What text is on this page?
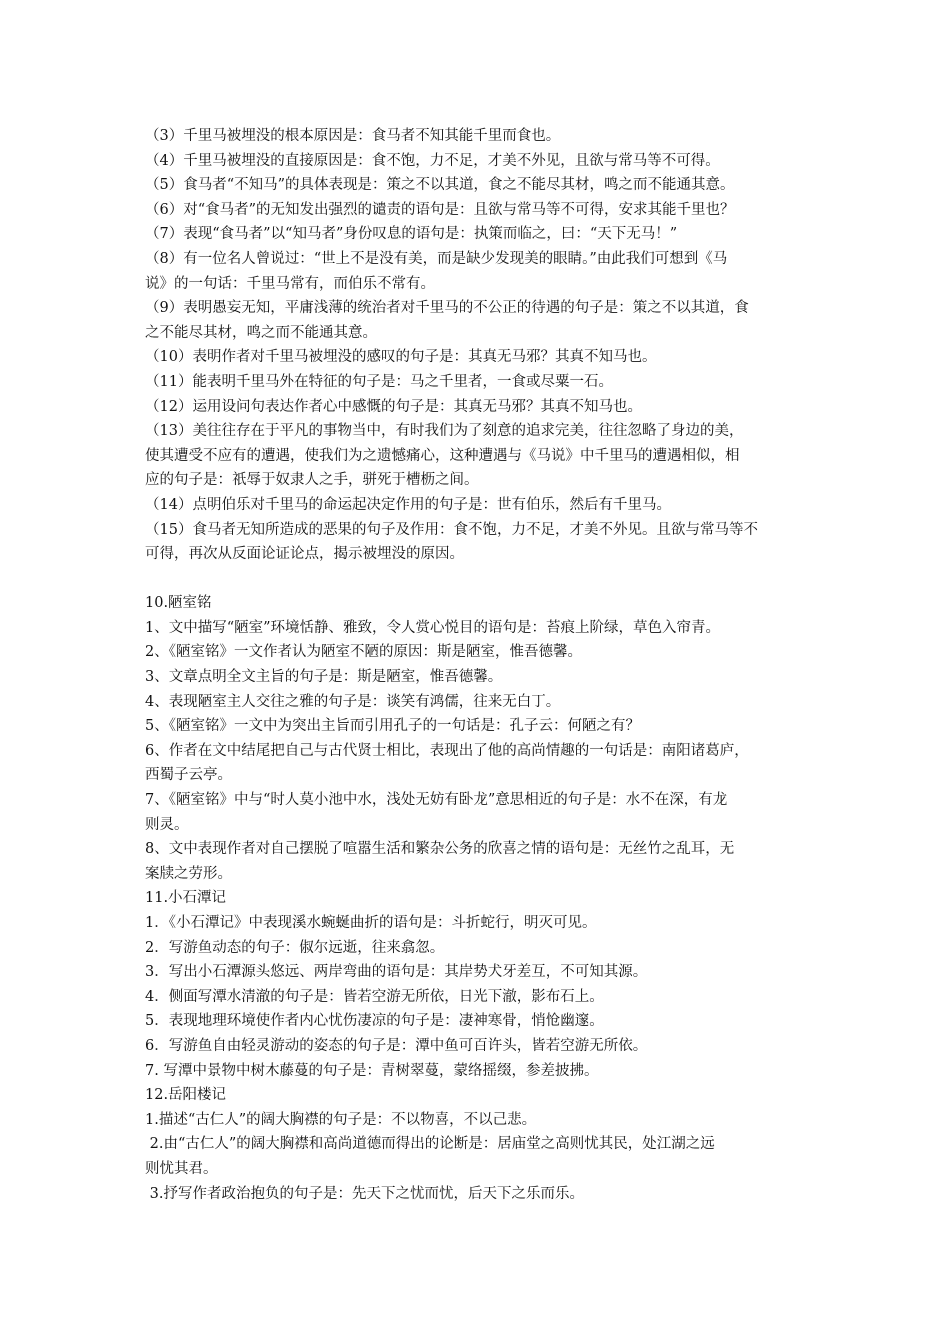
（3）千里马被埋没的根本原因是：食马者不知其能千里而食也。
（4）千里马被埋没的直接原因是：食不饱，力不足，才美不外见，且欲与常马等不可得。
（5）食马者“不知马”的具体表现是：策之不以其道，食之不能尽其材，鸣之而不能通其意。
（6）对“食马者”的无知发出强烈的谴责的语句是：且欲与常马等不可得，安求其能千里也？
（7）表现“食马者”以“知马者”身份叹息的语句是：执策而临之，曰：“天下无马！”
（8）有一位名人曾说过：“世上不是没有美，而是缺少发现美的眼睛。”由此我们可想到《马
说》的一句话：千里马常有，而伯乐不常有。
（9）表明愚妄无知，平庸浅薄的统治者对千里马的不公正的待遇的句子是：策之不以其道，食
之不能尽其材，鸣之而不能通其意。
（10）表明作者对千里马被埋没的感叹的句子是：其真无马邪？其真不知马也。
（11）能表明千里马外在特征的句子是：马之千里者，一食或尽粟一石。
（12）运用设问句表达作者心中感慨的句子是：其真无马邪？其真不知马也。
（13）美往往存在于平凡的事物当中，有时我们为了刻意的追求完美，往往忽略了身边的美，
使其遭受不应有的遭遇，使我们为之遗憾痛心，这种遭遇与《马说》中千里马的遭遇相似，相
应的句子是：祇辱于奴隶人之手，骈死于槽枥之间。
（14）点明伯乐对千里马的命运起决定作用的句子是：世有伯乐，然后有千里马。
（15）食马者无知所造成的恶果的句子及作用：食不饱，力不足，才美不外见。且欲与常马等不
可得，再次从反面论证论点，揭示被埋没的原因。
10.陋室铭
1、文中描写“陋室”环境恬静、雅致，令人赏心悦目的语句是：苔痕上阶绿，草色入帘青。
2、《陋室铭》一文作者认为陋室不陋的原因：斯是陋室，惟吾德馨。
3、文章点明全文主旨的句子是：斯是陋室，惟吾德馨。
4、表现陋室主人交往之雅的句子是：谈笑有鸿儒，往来无白丁。
5、《陋室铭》一文中为突出主旨而引用孔子的一句话是：孔子云：何陋之有？
6、作者在文中结尾把自己与古代贤士相比，表现出了他的高尚情趣的一句话是：南阳诸葛庐，
西蜀子云亭。
7、《陋室铭》中与“时人莫小池中水，浅处无妨有卧龙”意思相近的句子是：水不在深，有龙
则灵。
8、文中表现作者对自己摆脱了喧嚣生活和繁杂公务的欣喜之情的语句是：无丝竹之乱耳，无
案牍之劳形。
11.小石潭记
1．《小石潭记》中表现溪水蜿蜒曲折的语句是：斗折蛇行，明灭可见。
2．写游鱼动态的句子：俶尔远逝，往来翕忽。
3．写出小石潭源头悠远、两岸弯曲的语句是：其岸势犬牙差互，不可知其源。
4．侧面写潭水清澈的句子是：皆若空游无所依，日光下澈，影布石上。
5．表现地理环境使作者内心忧伤凄凉的句子是：凄神寒骨，悄怆幽邃。
6．写游鱼自由轻灵游动的姿态的句子是：潭中鱼可百许头，皆若空游无所依。
7. 写潭中景物中树木藤蔓的句子是：青树翠蔓，蒙络摇缀，参差披拂。
12.岳阳楼记
1.描述“古仁人”的阔大胸襟的句子是：不以物喜，不以己悲。
2.由“古仁人”的阔大胸襟和高尚道德而得出的论断是：居庙堂之高则忧其民，处江湖之远
则忧其君。
3.抒写作者政治抱负的句子是：先天下之忧而忧，后天下之乐而乐。
